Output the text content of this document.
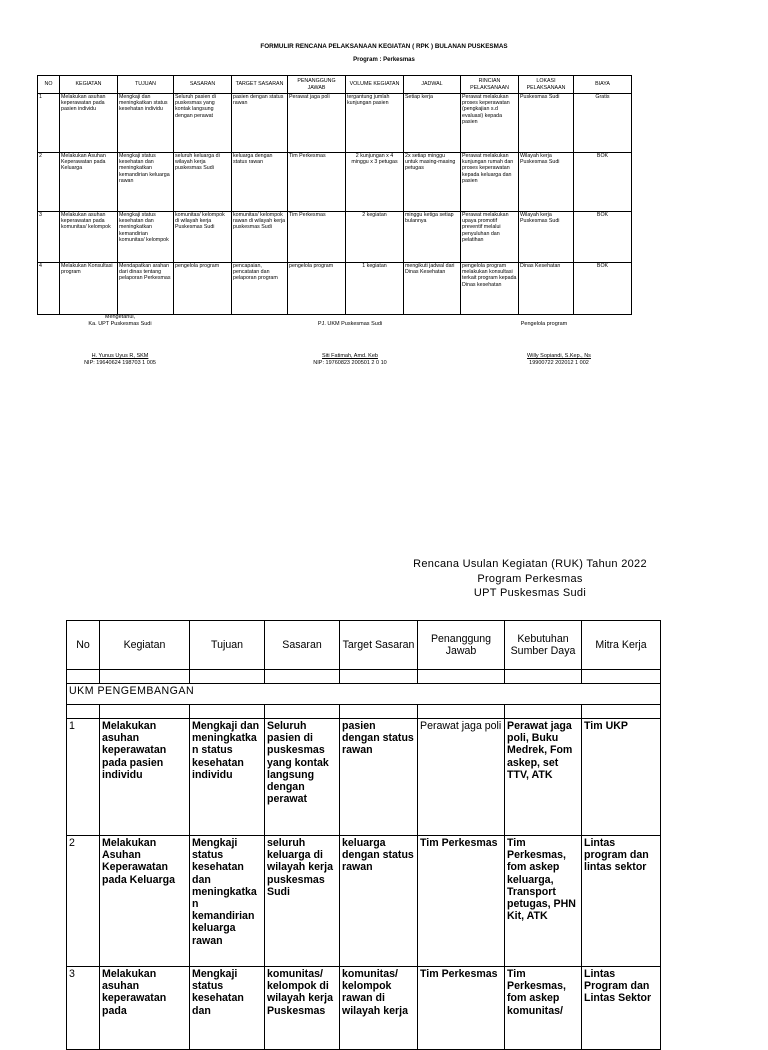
FORMULIR RENCANA PELAKSANAAN KEGIATAN ( RPK ) BULANAN PUSKESMAS
Program : Perkesmas
NO	KEGIATAN	TUJUAN	SASARAN	TARGET SASARAN	PENANGGUNG JAWAB	VOLUME KEGIATAN	JADWAL	RINCIAN PELAKSANAAN	LOKASI PELAKSANAAN	BIAYA
1	Melakukan asuhan keperawatan pada pasien individu	Mengkaji dan meningkatkan status kesehatan individu	Seluruh pasien di puskesmas yang kontak langsung dengan perawat	pasien dengan status rawan	Perawat jaga poli	tergantung jumlah kunjungan pasien	Setiap kerja	Perawat melakukan proses keperawatan (pengkajian s.d evaluasi) kepada pasien	Puskesmas Sudi	Gratis
2	Melakukan Asuhan Keperawatan pada Keluarga	Mengkaji status kesehatan dan meningkatkan kemandirian keluarga rawan	seluruh keluarga di wilayah kerja puskesmas Sudi	keluarga dengan status rawan	Tim Perkesmas	2 kunjungan x 4 minggu x 3 petugas	2x setiap minggu untuk masing-masing petugas	Perawat melakukan kunjungan rumah dan proses keperawatan kepada keluarga dan pasien	Wilayah kerja Puskesmas Sudi	BOK
3	Melakukan asuhan keperawatan pada komunitas/ kelompok	Mengkaji status kesehatan dan meningkatkan kemandirian komunitas/ kelompok	komunitas/ kelompok di wilayah kerja Puskesmas Sudi	komunitas/ kelompok rawan di wilayah kerja puskesmas Sudi	Tim Perkesmas	2 kegiatan	minggu ketiga setiap bulannya	Perawat melakukan upaya promotif preventif melalui penyuluhan dan pelatihan	Wilayah kerja Puskesmas Sudi	BOK
4	Melakukan Konsultasi program	Mendapatkan arahan dari dinas tentang pelaporan Perkesmas	pengelola program	pencapaian, pencatatan dan pelaporan program	pengelola program	1 kegiatan	mengikuti jadwal dari Dinas Kesehatan	pengelola program melakukan konsultasi terkait program kepada Dinas kesehatan	Dinas Kesehatan	BOK
Mengetahui,
Ka. UPT Puskesmas Sudi
H. Yunus Uyus R, SKM
NIP: 19640624 198703 1 005
PJ. UKM Puskesmas Sudi
Siti Fatimah, Amd. Keb
NIP: 19760823 200501 2 0 10
Pengelola program
Willy Sopiandi, S.Kep., Ns
19900722 202012 1 002
Rencana Usulan Kegiatan (RUK) Tahun 2022
Program Perkesmas
UPT Puskesmas Sudi
No	Kegiatan	Tujuan	Sasaran	Target Sasaran	Penanggung Jawab	Kebutuhan Sumber Daya	Mitra Kerja

UKM PENGEMBANGAN							

1	Melakukan asuhan keperawatan pada pasien individu	Mengkaji dan meningkatkan status kesehatan individu	Seluruh pasien di puskesmas yang kontak langsung dengan perawat	pasien dengan status rawan	Perawat jaga poli	Perawat jaga poli, Buku Medrek, Fom askep, set TTV, ATK	Tim UKP
2	Melakukan Asuhan Keperawatan pada Keluarga	Mengkaji status kesehatan dan meningkatkan kemandirian keluarga rawan	seluruh keluarga di wilayah kerja puskesmas Sudi	keluarga dengan status rawan	Tim Perkesmas	Tim Perkesmas, fom askep keluarga, Transport petugas, PHN Kit, ATK	Lintas program dan lintas sektor
3	Melakukan asuhan keperawatan pada	Mengkaji status kesehatan dan	komunitas/ kelompok di wilayah kerja Puskesmas	komunitas/ kelompok rawan di wilayah kerja	Tim Perkesmas	Tim Perkesmas, fom askep komunitas/	Lintas Program dan Lintas Sektor
